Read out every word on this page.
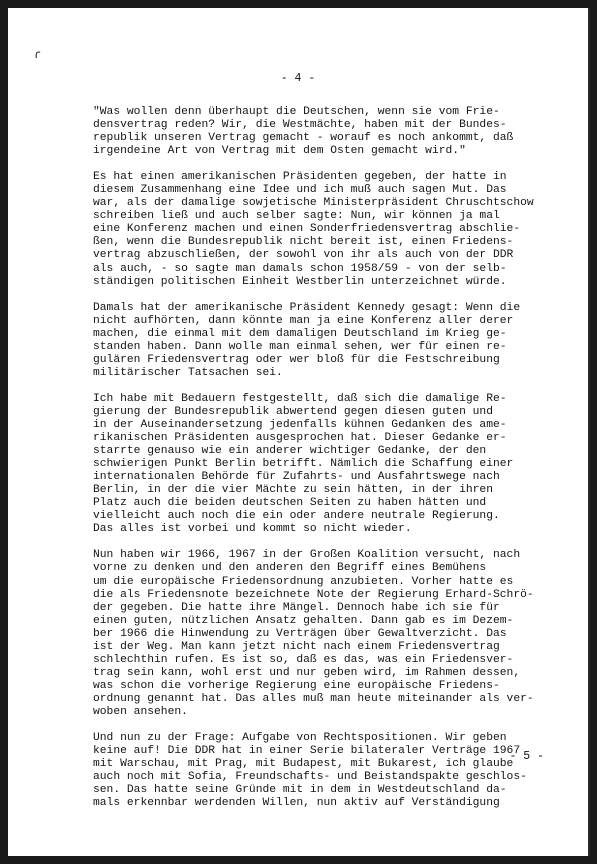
ɾ
- 4 -

"Was wollen denn überhaupt die Deutschen, wenn sie vom Frie-
densvertrag reden? Wir, die Westmächte, haben mit der Bundes-
republik unseren Vertrag gemacht - worauf es noch ankommt, daß
irgendeine Art von Vertrag mit dem Osten gemacht wird."

Es hat einen amerikanischen Präsidenten gegeben, der hatte in
diesem Zusammenhang eine Idee und ich muß auch sagen Mut. Das
war, als der damalige sowjetische Ministerpräsident Chruschtschow
schreiben ließ und auch selber sagte: Nun, wir können ja mal
eine Konferenz machen und einen Sonderfriedensvertrag abschlie-
ßen, wenn die Bundesrepublik nicht bereit ist, einen Friedens-
vertrag abzuschließen, der sowohl von ihr als auch von der DDR
als auch, - so sagte man damals schon 1958/59 - von der selb-
ständigen politischen Einheit Westberlin unterzeichnet würde.

Damals hat der amerikanische Präsident Kennedy gesagt: Wenn die
nicht aufhörten, dann könnte man ja eine Konferenz aller derer
machen, die einmal mit dem damaligen Deutschland im Krieg ge-
standen haben. Dann wolle man einmal sehen, wer für einen re-
gulären Friedensvertrag oder wer bloß für die Festschreibung
militärischer Tatsachen sei.

Ich habe mit Bedauern festgestellt, daß sich die damalige Re-
gierung der Bundesrepublik abwertend gegen diesen guten und
in der Auseinandersetzung jedenfalls kühnen Gedanken des ame-
rikanischen Präsidenten ausgesprochen hat. Dieser Gedanke er-
starrte genauso wie ein anderer wichtiger Gedanke, der den
schwierigen Punkt Berlin betrifft. Nämlich die Schaffung einer
internationalen Behörde für Zufahrts- und Ausfahrtswege nach
Berlin, in der die vier Mächte zu sein hätten, in der ihren
Platz auch die beiden deutschen Seiten zu haben hätten und
vielleicht auch noch die ein oder andere neutrale Regierung.
Das alles ist vorbei und kommt so nicht wieder.

Nun haben wir 1966, 1967 in der Großen Koalition versucht, nach
vorne zu denken und den anderen den Begriff eines Bemühens
um die europäische Friedensordnung anzubieten. Vorher hatte es
die als Friedensnote bezeichnete Note der Regierung Erhard-Schrö-
der gegeben. Die hatte ihre Mängel. Dennoch habe ich sie für
einen guten, nützlichen Ansatz gehalten. Dann gab es im Dezem-
ber 1966 die Hinwendung zu Verträgen über Gewaltverzicht. Das
ist der Weg. Man kann jetzt nicht nach einem Friedensvertrag
schlechthin rufen. Es ist so, daß es das, was ein Friedensver-
trag sein kann, wohl erst und nur geben wird, im Rahmen dessen,
was schon die vorherige Regierung eine europäische Friedens-
ordnung genannt hat. Das alles muß man heute miteinander als ver-
woben ansehen.

Und nun zu der Frage: Aufgabe von Rechtspositionen. Wir geben
keine auf! Die DDR hat in einer Serie bilateraler Verträge 1967
mit Warschau, mit Prag, mit Budapest, mit Bukarest, ich glaube
auch noch mit Sofia, Freundschafts- und Beistandspakte geschlos-
sen. Das hatte seine Gründe mit in dem in Westdeutschland da-
mals erkennbar werdenden Willen, nun aktiv auf Verständigung

- 5 -
